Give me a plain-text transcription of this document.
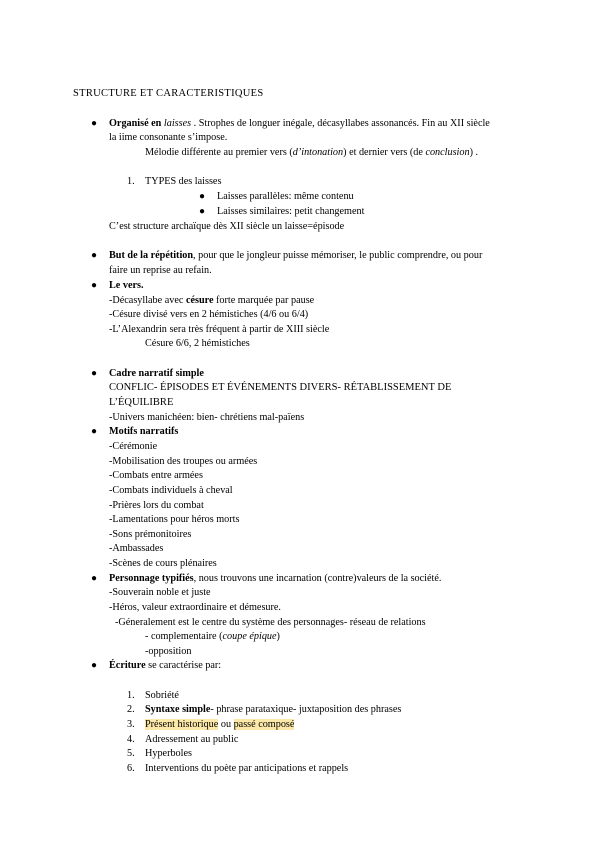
STRUCTURE ET CARACTERISTIQUES
● Organisé en laisses . Strophes de longuer inégale, décasyllabes assonancés. Fin au XII siècle
la iime consonante s’impose.
Mélodie différente au premier vers (d’intonation) et dernier vers (de conclusion) .
1. TYPES des laisses
● Laisses parallèles: même contenu
● Laisses similaires: petit changement
C’est structure archaïque dès XII siècle un laisse=épisode
● But de la répétition, pour que le jongleur puisse mémoriser, le public comprendre, ou pour
faire un reprise au refain.
● Le vers.
-Décasyllabe avec césure forte marquée par pause
-Césure divisé vers en 2 hémistiches (4/6 ou 6/4)
-L’Alexandrin sera très fréquent à partir de XIII siècle
Césure 6/6, 2 hémistiches
● Cadre narratif simple
CONFLIC- ÉPISODES ET ÉVÉNEMENTS DIVERS- RÉTABLISSEMENT DE
L’ÉQUILIBRE
-Univers manichéen: bien- chrétiens mal-païens
● Motifs narratifs
-Cérémonie
-Mobilisation des troupes ou armées
-Combats entre armées
-Combats individuels à cheval
-Prières lors du combat
-Lamentations pour héros morts
-Sons prémonitoires
-Ambassades
-Scènes de cours plénaires
● Personnage typifiés, nous trouvons une incarnation (contre)valeurs de la société.
-Souverain noble et juste
-Héros, valeur extraordinaire et démesure.
-Géneralement est le centre du système des personnages- réseau de relations
- complementaire (coupe épique)
-opposition
● Écriture se caractérise par:
1. Sobriété
2. Syntaxe simple- phrase parataxique- juxtaposition des phrases
3. Présent historique ou passé composé
4. Adressement au public
5. Hyperboles
6. Interventions du poète par anticipations et rappels
